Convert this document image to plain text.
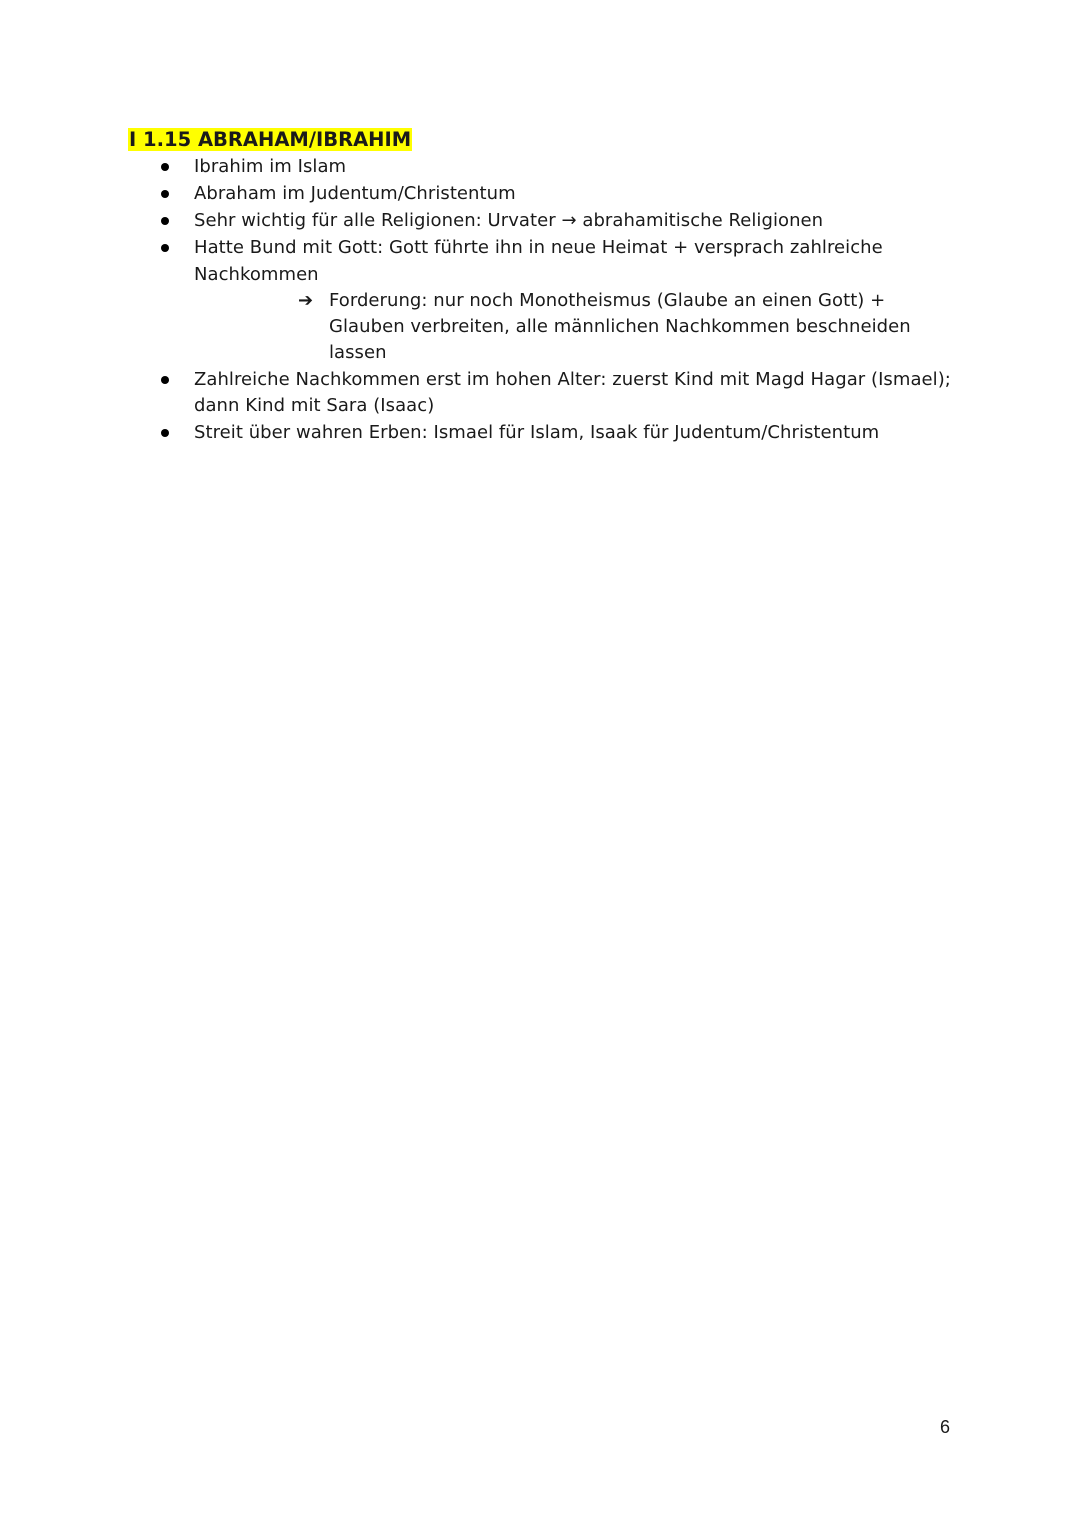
I 1.15 ABRAHAM/IBRAHIM
Ibrahim im Islam
Abraham im Judentum/Christentum
Sehr wichtig für alle Religionen: Urvater → abrahamitische Religionen
Hatte Bund mit Gott: Gott führte ihn in neue Heimat + versprach zahlreiche
Nachkommen
➔ Forderung: nur noch Monotheismus (Glaube an einen Gott) +
Glauben verbreiten, alle männlichen Nachkommen beschneiden
lassen
Zahlreiche Nachkommen erst im hohen Alter: zuerst Kind mit Magd Hagar (Ismael);
dann Kind mit Sara (Isaac)
Streit über wahren Erben: Ismael für Islam, Isaak für Judentum/Christentum
6
